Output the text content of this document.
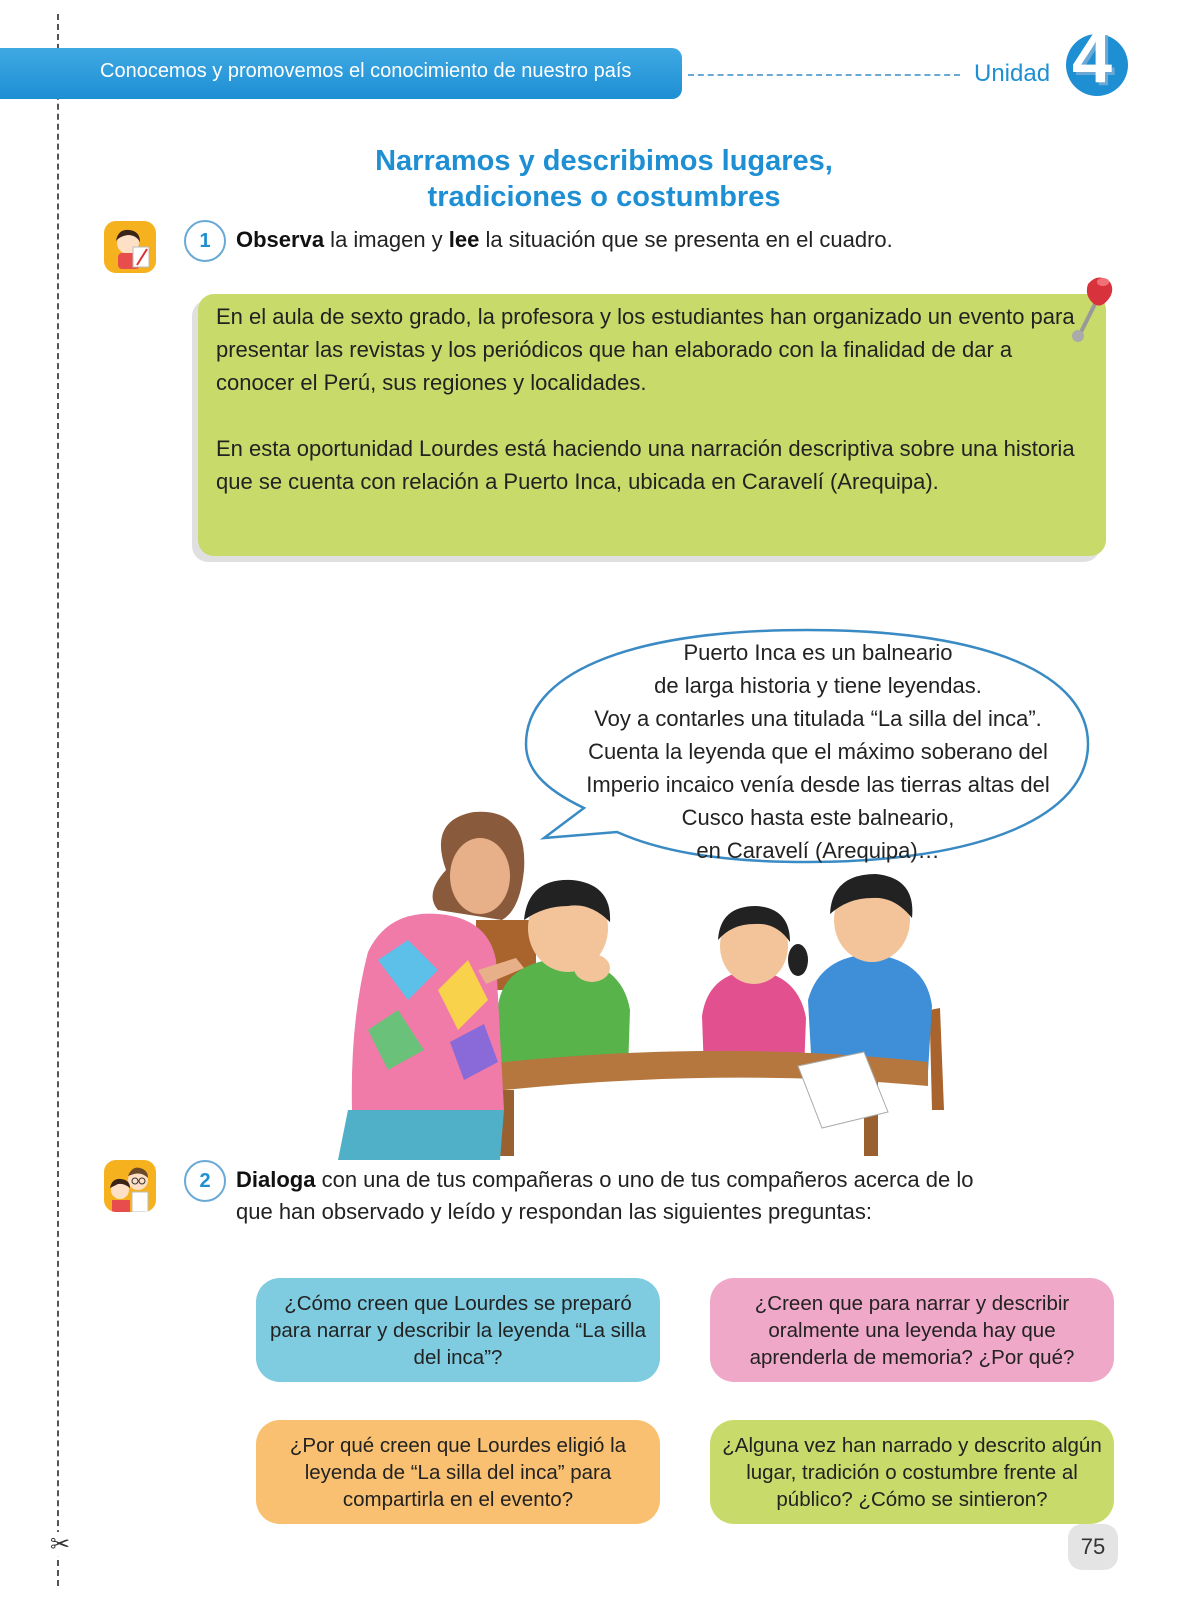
✂
Conocemos y promovemos el conocimiento de nuestro país	Unidad 4
Narramos y describimos lugares,
tradiciones o costumbres
1	Observa la imagen y lee la situación que se presenta en el cuadro.

En el aula de sexto grado, la profesora y los estudiantes han organizado un evento para presentar las revistas y los periódicos que han elaborado con la finalidad de dar a conocer el Perú, sus regiones y localidades.

En esta oportunidad Lourdes está haciendo una narración descriptiva sobre una historia que se cuenta con relación a Puerto Inca, ubicada en Caravelí (Arequipa).

Puerto Inca es un balneario
de larga historia y tiene leyendas.
Voy a contarles una titulada “La silla del inca”.
Cuenta la leyenda que el máximo soberano del
Imperio incaico venía desde las tierras altas del
Cusco hasta este balneario,
en Caravelí (Arequipa)…
2	Dialoga con una de tus compañeras o uno de tus compañeros acerca de lo
que han observado y leído y respondan las siguientes preguntas:
¿Cómo creen que Lourdes se preparó para narrar y describir la leyenda “La silla del inca”?
¿Creen que para narrar y describir oralmente una leyenda hay que aprenderla de memoria? ¿Por qué?
¿Por qué creen que Lourdes eligió la leyenda de “La silla del inca” para compartirla en el evento?
¿Alguna vez han narrado y descrito algún lugar, tradición o costumbre frente al público? ¿Cómo se sintieron?
75
